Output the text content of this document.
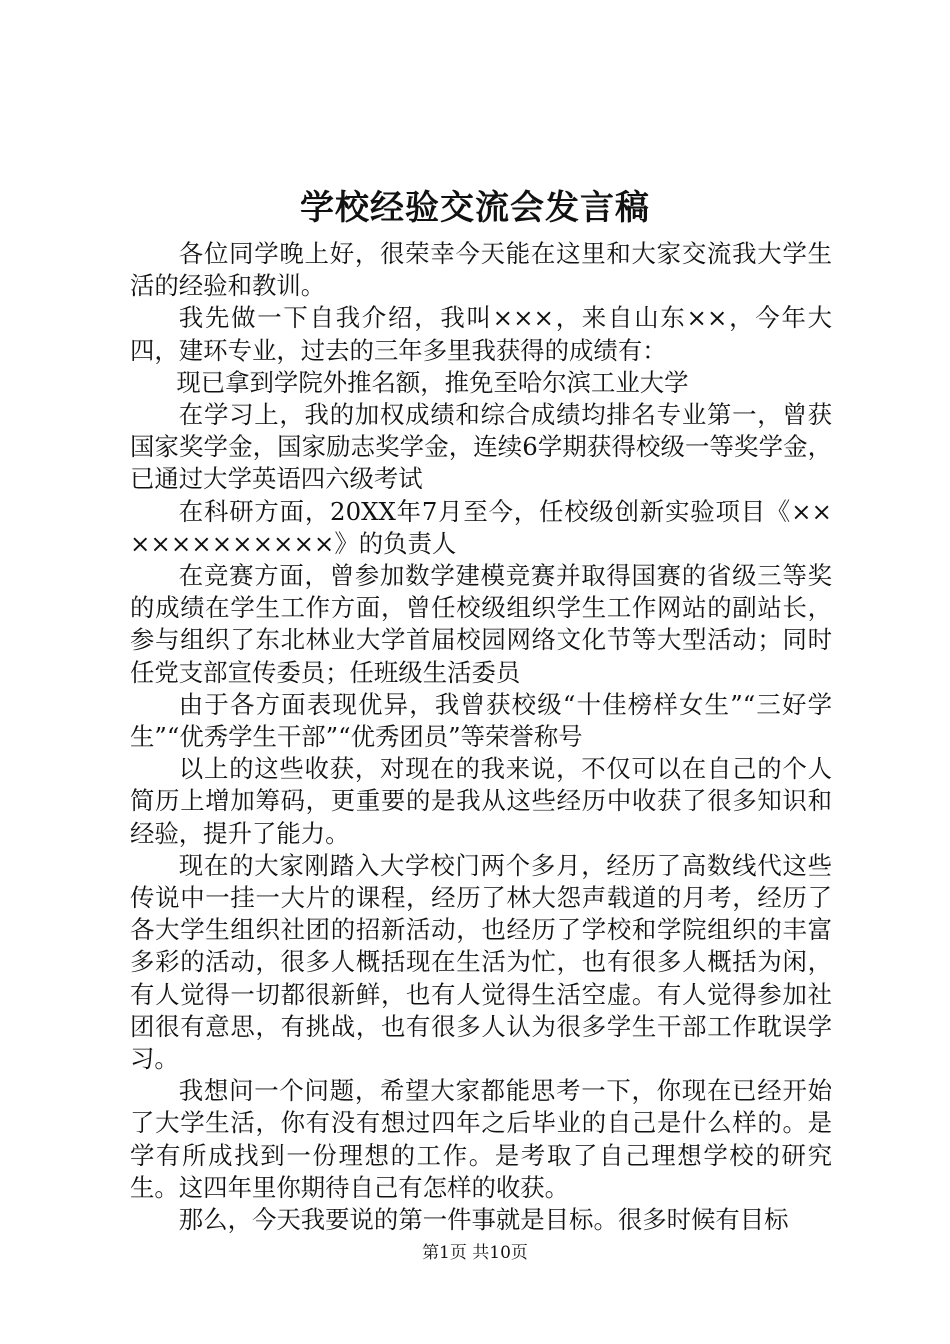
学校经验交流会发言稿

各位同学晚上好，很荣幸今天能在这里和大家交流我大学生活的经验和教训。

我先做一下自我介绍，我叫×××，来自山东××，今年大四，建环专业，过去的三年多里我获得的成绩有：

现已拿到学院外推名额，推免至哈尔滨工业大学

在学习上，我的加权成绩和综合成绩均排名专业第一，曾获国家奖学金，国家励志奖学金，连续6学期获得校级一等奖学金，已通过大学英语四六级考试

在科研方面，20XX年7月至今，任校级创新实验项目《××××××××××××》的负责人

在竞赛方面，曾参加数学建模竞赛并取得国赛的省级三等奖的成绩在学生工作方面，曾任校级组织学生工作网站的副站长，参与组织了东北林业大学首届校园网络文化节等大型活动；同时任党支部宣传委员；任班级生活委员

由于各方面表现优异，我曾获校级“十佳榜样女生”“三好学生”“优秀学生干部”“优秀团员”等荣誉称号

以上的这些收获，对现在的我来说，不仅可以在自己的个人简历上增加筹码，更重要的是我从这些经历中收获了很多知识和经验，提升了能力。

现在的大家刚踏入大学校门两个多月，经历了高数线代这些传说中一挂一大片的课程，经历了林大怨声载道的月考，经历了各大学生组织社团的招新活动，也经历了学校和学院组织的丰富多彩的活动，很多人概括现在生活为忙，也有很多人概括为闲，有人觉得一切都很新鲜，也有人觉得生活空虚。有人觉得参加社团很有意思，有挑战，也有很多人认为很多学生干部工作耽误学习。

我想问一个问题，希望大家都能思考一下，你现在已经开始了大学生活，你有没有想过四年之后毕业的自己是什么样的。是学有所成找到一份理想的工作。是考取了自己理想学校的研究生。这四年里你期待自己有怎样的收获。

那么，今天我要说的第一件事就是目标。很多时候有目标

第1页 共10页
